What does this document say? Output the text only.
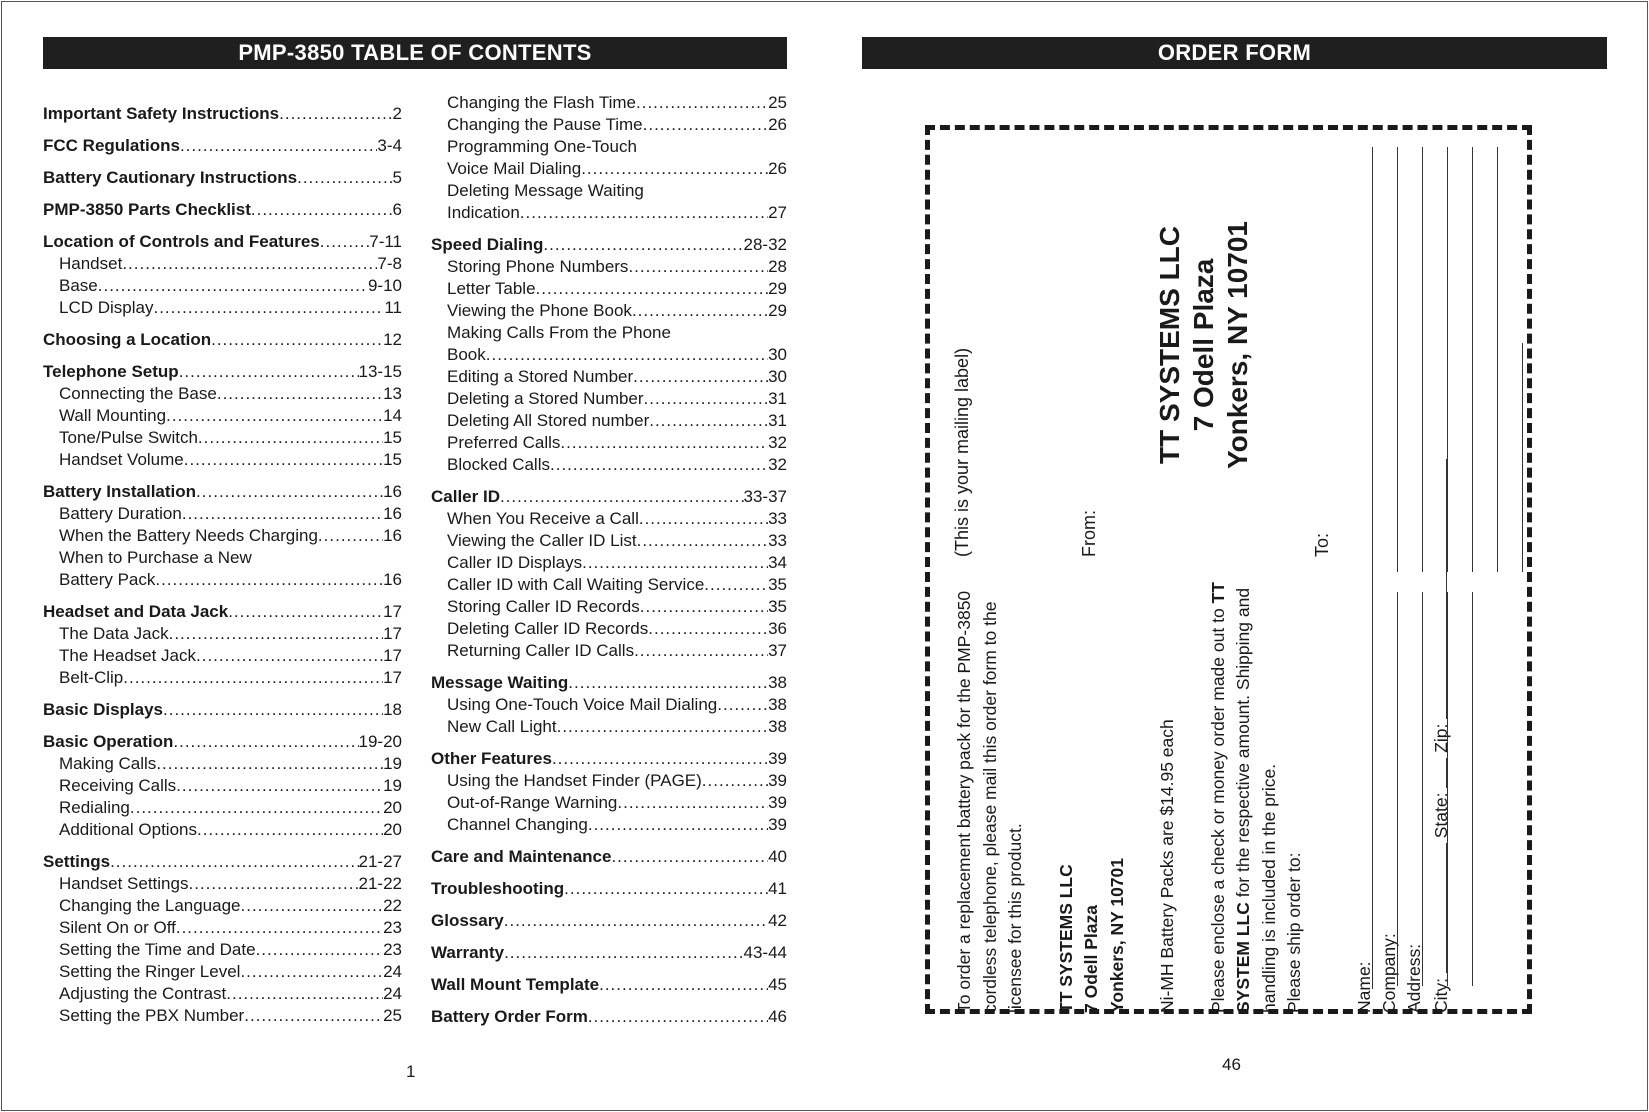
PMP-3850 TABLE OF CONTENTS
Important Safety Instructions .....	2
FCC Regulations .....	3-4
Battery Cautionary Instructions .....	5
PMP-3850 Parts Checklist .....	6
Location of Controls and Features .....	7-11
Handset .....	7-8
Base .....	9-10
LCD Display .....	11
Choosing a Location .....	12
Telephone Setup .....	13-15
Connecting the Base .....	13
Wall Mounting .....	14
Tone/Pulse Switch .....	15
Handset Volume .....	15
Battery Installation .....	16
Battery Duration .....	16
When the Battery Needs Charging .....	16
When to Purchase a New
Battery Pack .....	16
Headset and Data Jack .....	17
The Data Jack .....	17
The Headset Jack .....	17
Belt-Clip .....	17
Basic Displays .....	18
Basic Operation .....	19-20
Making Calls .....	19
Receiving Calls .....	19
Redialing .....	20
Additional Options .....	20
Settings .....	21-27
Handset Settings .....	21-22
Changing the Language .....	22
Silent On or Off .....	23
Setting the Time and Date .....	23
Setting the Ringer Level .....	24
Adjusting the Contrast .....	24
Setting the PBX Number .....	25
Changing the Flash Time .....	25
Changing the Pause Time .....	26
Programming One-Touch
Voice Mail Dialing .....	26
Deleting Message Waiting
Indication .....	27
Speed Dialing .....	28-32
Storing Phone Numbers .....	28
Letter Table .....	29
Viewing the Phone Book .....	29
Making Calls From the Phone
Book .....	30
Editing a Stored Number .....	30
Deleting a Stored Number .....	31
Deleting All Stored number .....	31
Preferred Calls .....	32
Blocked Calls .....	32
Caller ID .....	33-37
When You Receive a Call .....	33
Viewing the Caller ID List .....	33
Caller ID Displays .....	34
Caller ID with Call Waiting Service .....	35
Storing Caller ID Records .....	35
Deleting Caller ID Records .....	36
Returning Caller ID Calls .....	37
Message Waiting .....	38
Using One-Touch Voice Mail Dialing .....	38
New Call Light .....	38
Other Features .....	39
Using the Handset Finder (PAGE) .....	39
Out-of-Range Warning .....	39
Channel Changing .....	39
Care and Maintenance .....	40
Troubleshooting .....	41
Glossary .....	42
Warranty .....	43-44
Wall Mount Template .....	45
Battery Order Form .....	46
1
ORDER FORM

To order a replacement battery pack for the PMP-3850 cordless telephone, please mail this order form to the licensee for this product. TT SYSTEMS LLC 7 Odell Plaza Yonkers, NY 10701 Ni-MH Battery Packs are $14.95 each Please enclose a check or money order made out to TT SYSTEM LLC for the respective amount. Shipping and handling is included in the price. Please ship order to:	Name: Company: Address: City:  State:  Zip:
(This is your mailing label)	From:	To:
TT SYSTEMS LLC 7 Odell Plaza Yonkers, NY 10701
46
